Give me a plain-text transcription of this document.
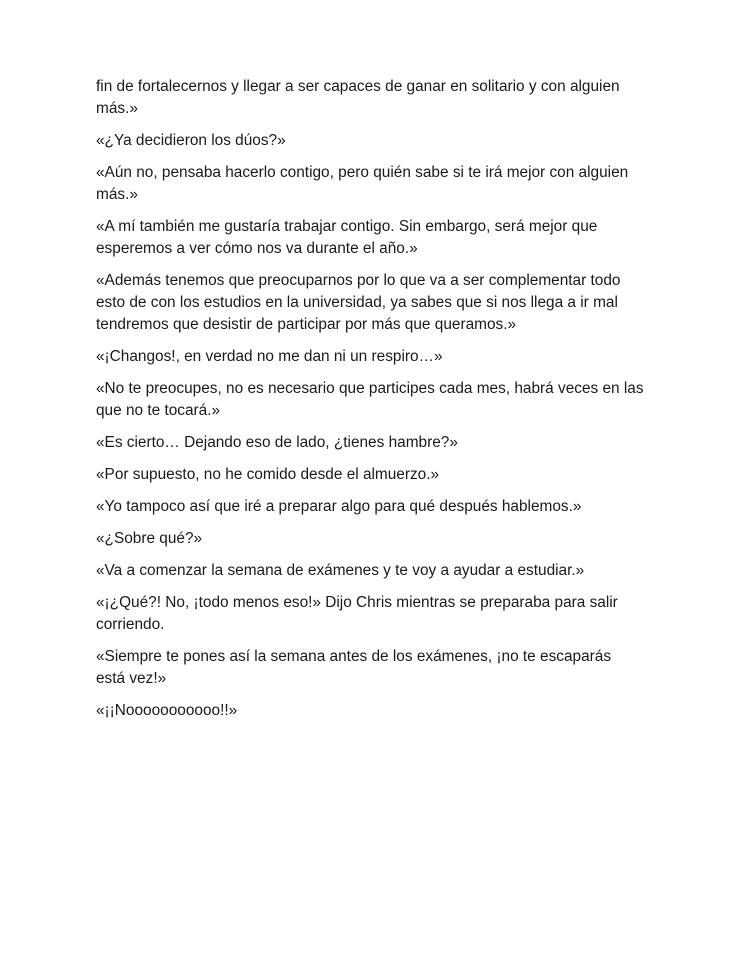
fin de fortalecernos y llegar a ser capaces de ganar en solitario y con alguien más.»

«¿Ya decidieron los dúos?»

«Aún no, pensaba hacerlo contigo, pero quién sabe si te irá mejor con alguien más.»

«A mí también me gustaría trabajar contigo. Sin embargo, será mejor que esperemos a ver cómo nos va durante el año.»

«Además tenemos que preocuparnos por lo que va a ser complementar todo esto de con los estudios en la universidad, ya sabes que si nos llega a ir mal tendremos que desistir de participar por más que queramos.»

«¡Changos!, en verdad no me dan ni un respiro…»

«No te preocupes, no es necesario que participes cada mes, habrá veces en las que no te tocará.»

«Es cierto… Dejando eso de lado, ¿tienes hambre?»

«Por supuesto, no he comido desde el almuerzo.»

«Yo tampoco así que iré a preparar algo para qué después hablemos.»

«¿Sobre qué?»

«Va a comenzar la semana de exámenes y te voy a ayudar a estudiar.»

«¡¿Qué?! No, ¡todo menos eso!» Dijo Chris mientras se preparaba para salir corriendo.

«Siempre te pones así la semana antes de los exámenes, ¡no te escaparás está vez!»

«¡¡Nooooooooooo!!»
